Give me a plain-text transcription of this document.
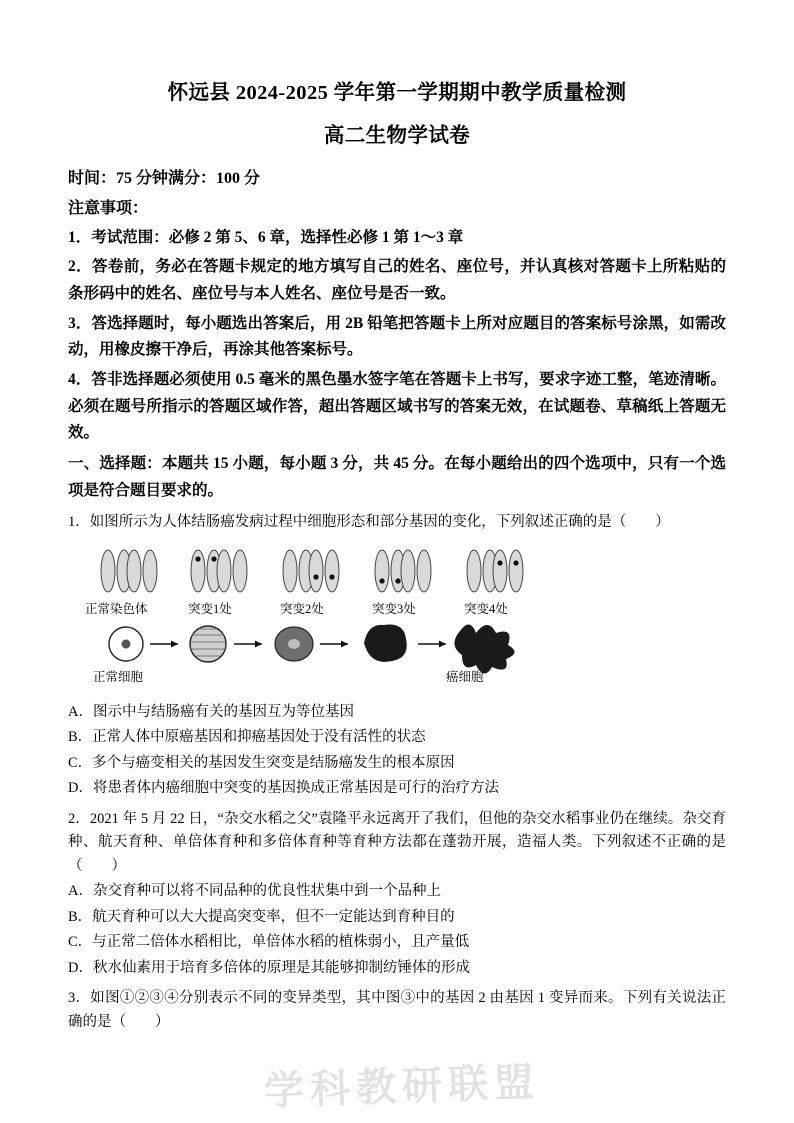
怀远县 2024-2025 学年第一学期期中教学质量检测
高二生物学试卷
时间：75 分钟满分：100 分
注意事项：
1．考试范围：必修 2 第 5、6 章，选择性必修 1 第 1～3 章
2．答卷前，务必在答题卡规定的地方填写自己的姓名、座位号，并认真核对答题卡上所粘贴的条形码中的姓名、座位号与本人姓名、座位号是否一致。
3．答选择题时，每小题选出答案后，用 2B 铅笔把答题卡上所对应题目的答案标号涂黑，如需改动，用橡皮擦干净后，再涂其他答案标号。
4．答非选择题必须使用 0.5 毫米的黑色墨水签字笔在答题卡上书写，要求字迹工整，笔迹清晰。必须在题号所指示的答题区域作答，超出答题区域书写的答案无效，在试题卷、草稿纸上答题无效。
一、选择题：本题共 15 小题，每小题 3 分，共 45 分。在每小题给出的四个选项中，只有一个选项是符合题目要求的。
1．如图所示为人体结肠癌发病过程中细胞形态和部分基因的变化，下列叙述正确的是（　　）
正常染色体	突变1处	突变2处	突变3处	突变4处
正常细胞	癌细胞
学科教研联盟
A．图示中与结肠癌有关的基因互为等位基因
B．正常人体中原癌基因和抑癌基因处于没有活性的状态
C．多个与癌变相关的基因发生突变是结肠癌发生的根本原因
D．将患者体内癌细胞中突变的基因换成正常基因是可行的治疗方法
2．2021 年 5 月 22 日，“杂交水稻之父”袁隆平永远离开了我们，但他的杂交水稻事业仍在继续。杂交育种、航天育种、单倍体育种和多倍体育种等育种方法都在蓬勃开展，造福人类。下列叙述不正确的是（　　）
A．杂交育种可以将不同品种的优良性状集中到一个品种上
B．航天育种可以大大提高突变率，但不一定能达到育种目的
C．与正常二倍体水稻相比，单倍体水稻的植株弱小，且产量低
D．秋水仙素用于培育多倍体的原理是其能够抑制纺锤体的形成
3．如图①②③④分别表示不同的变异类型，其中图③中的基因 2 由基因 1 变异而来。下列有关说法正确的是（　　）
